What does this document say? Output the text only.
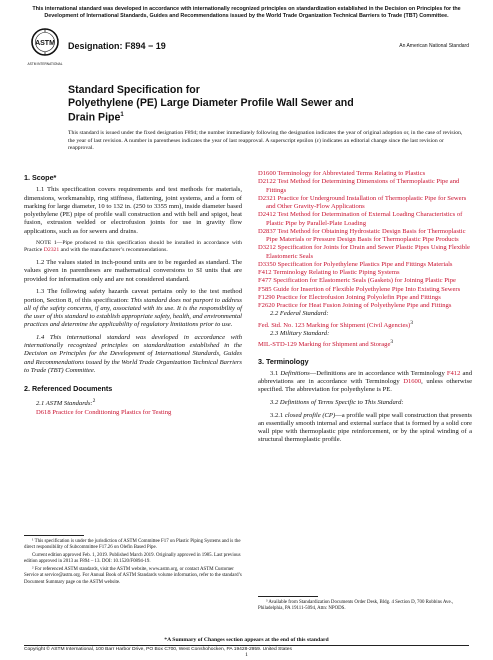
This international standard was developed in accordance with internationally recognized principles on standardization established in the Decision on Principles for the Development of International Standards, Guides and Recommendations issued by the World Trade Organization Technical Barriers to Trade (TBT) Committee.
ASTM
ASTM INTERNATIONAL
Designation: F894 − 19	An American National Standard
Standard Specification for
Polyethylene (PE) Large Diameter Profile Wall Sewer and
Drain Pipe$^1$
This standard is issued under the fixed designation F894; the number immediately following the designation indicates the year of original adoption or, in the case of revision, the year of last revision. A number in parentheses indicates the year of last reapproval. A superscript epsilon (ε) indicates an editorial change since the last revision or reapproval.

1. Scope*

1.1 This specification covers requirements and test methods for materials, dimensions, workmanship, ring stiffness, flattening, joint systems, and a form of marking for large diameter, 10 to 132 in. (250 to 3355 mm), inside diameter based polyethylene (PE) pipe of profile wall construction and with bell and spigot, heat fusion, extrusion welded or electrofusion joints for use in gravity flow applications, such as for sewers and drains.

NOTE 1—Pipe produced to this specification should be installed in accordance with Practice D2321 and with the manufacturer’s recommendations.

1.2 The values stated in inch-pound units are to be regarded as standard. The values given in parentheses are mathematical conversions to SI units that are provided for information only and are not considered standard.

1.3 The following safety hazards caveat pertains only to the test method portion, Section 8, of this specification: This standard does not purport to address all of the safety concerns, if any, associated with its use. It is the responsibility of the user of this standard to establish appropriate safety, health, and environmental practices and determine the applicability of regulatory limitations prior to use.

1.4 This international standard was developed in accordance with internationally recognized principles on standardization established in the Decision on Principles for the Development of International Standards, Guides and Recommendations issued by the World Trade Organization Technical Barriers to Trade (TBT) Committee.

2. Referenced Documents

2.1 ASTM Standards:$^2$

D618 Practice for Conditioning Plastics for Testing

D1600 Terminology for Abbreviated Terms Relating to Plastics

D2122 Test Method for Determining Dimensions of Thermoplastic Pipe and Fittings

D2321 Practice for Underground Installation of Thermoplastic Pipe for Sewers and Other Gravity-Flow Applications

D2412 Test Method for Determination of External Loading Characteristics of Plastic Pipe by Parallel-Plate Loading

D2837 Test Method for Obtaining Hydrostatic Design Basis for Thermoplastic Pipe Materials or Pressure Design Basis for Thermoplastic Pipe Products

D3212 Specification for Joints for Drain and Sewer Plastic Pipes Using Flexible Elastomeric Seals

D3350 Specification for Polyethylene Plastics Pipe and Fittings Materials

F412 Terminology Relating to Plastic Piping Systems

F477 Specification for Elastomeric Seals (Gaskets) for Joining Plastic Pipe

F585 Guide for Insertion of Flexible Polyethylene Pipe Into Existing Sewers

F1290 Practice for Electrofusion Joining Polyolefin Pipe and Fittings

F2620 Practice for Heat Fusion Joining of Polyethylene Pipe and Fittings

2.2 Federal Standard:

Fed. Std. No. 123 Marking for Shipment (Civil Agencies)$^3$

2.3 Military Standard:

MIL-STD-129 Marking for Shipment and Storage$^3$

3. Terminology

3.1 Definitions—Definitions are in accordance with Terminology F412 and abbreviations are in accordance with Terminology D1600, unless otherwise specified. The abbreviation for polyethylene is PE.

3.2 Definitions of Terms Specific to This Standard:

3.2.1 closed profile (CP)—a profile wall pipe wall construction that presents an essentially smooth internal and external surface that is formed by a solid core wall pipe with thermoplastic pipe reinforcement, or by the spiral winding of a structural thermoplastic profile.

¹ This specification is under the jurisdiction of ASTM Committee F17 on Plastic Piping Systems and is the direct responsibility of Subcommittee F17.26 on Olefin Based Pipe.

Current edition approved Feb. 1, 2019. Published March 2019. Originally approved in 1985. Last previous edition approved in 2013 as F894 – 13. DOI: 10.1520/F0894-19.

² For referenced ASTM standards, visit the ASTM website, www.astm.org, or contact ASTM Customer Service at service@astm.org. For Annual Book of ASTM Standards volume information, refer to the standard’s Document Summary page on the ASTM website.

³ Available from Standardization Documents Order Desk, Bldg. 4 Section D, 700 Robbins Ave., Philadelphia, PA 19111-5094, Attn: NPODS.

*A Summary of Changes section appears at the end of this standard
Copyright © ASTM International, 100 Barr Harbor Drive, PO Box C700, West Conshohocken, PA 19428-2959. United States
1
